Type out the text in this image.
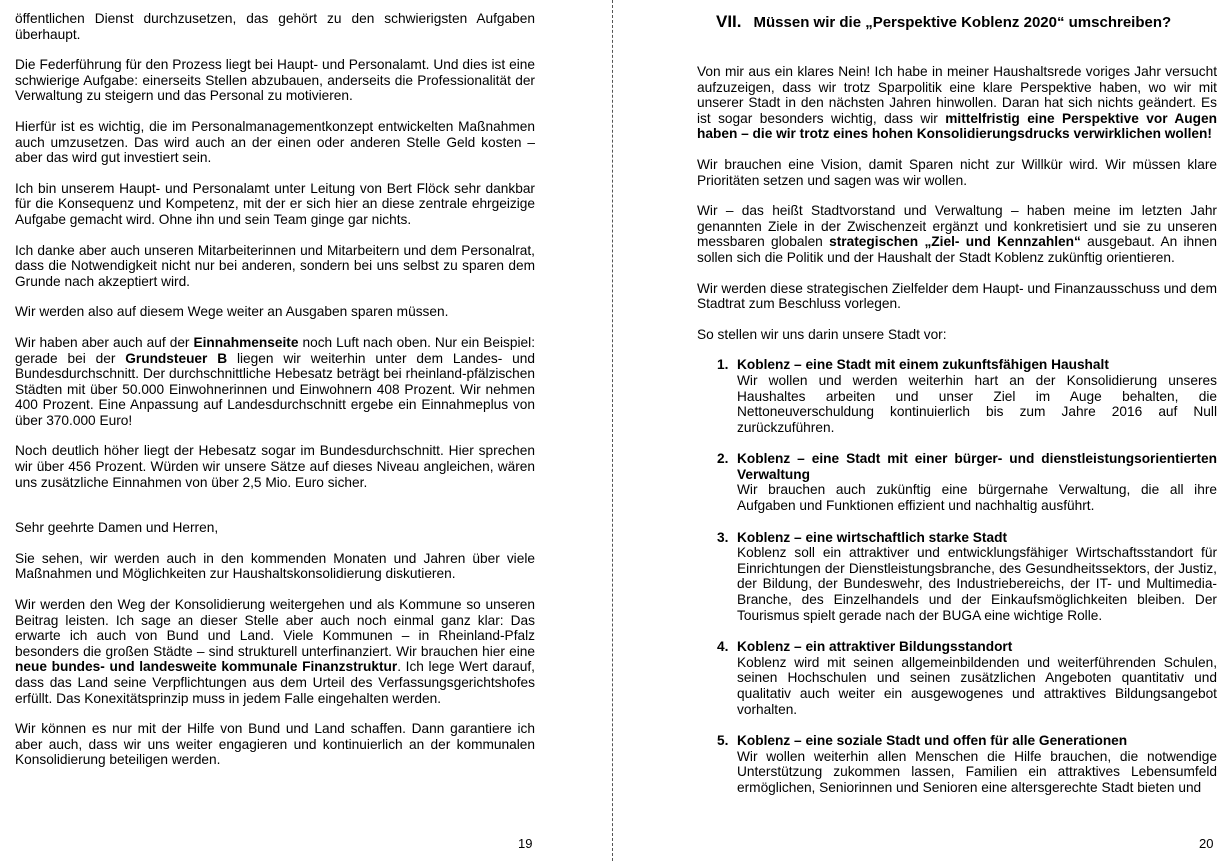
öffentlichen Dienst durchzusetzen, das gehört zu den schwierigsten Aufgaben überhaupt.

Die Federführung für den Prozess liegt bei Haupt- und Personalamt. Und dies ist eine schwierige Aufgabe: einerseits Stellen abzubauen, anderseits die Professionalität der Verwaltung zu steigern und das Personal zu motivieren.

Hierfür ist es wichtig, die im Personalmanagementkonzept entwickelten Maßnahmen auch umzusetzen. Das wird auch an der einen oder anderen Stelle Geld kosten – aber das wird gut investiert sein.

Ich bin unserem Haupt- und Personalamt unter Leitung von Bert Flöck sehr dankbar für die Konsequenz und Kompetenz, mit der er sich hier an diese zentrale ehrgeizige Aufgabe gemacht wird. Ohne ihn und sein Team ginge gar nichts.

Ich danke aber auch unseren Mitarbeiterinnen und Mitarbeitern und dem Personalrat, dass die Notwendigkeit nicht nur bei anderen, sondern bei uns selbst zu sparen dem Grunde nach akzeptiert wird.

Wir werden also auf diesem Wege weiter an Ausgaben sparen müssen.

Wir haben aber auch auf der Einnahmenseite noch Luft nach oben. Nur ein Beispiel: gerade bei der Grundsteuer B liegen wir weiterhin unter dem Landes- und Bundesdurchschnitt. Der durchschnittliche Hebesatz beträgt bei rheinland-pfälzischen Städten mit über 50.000 Einwohnerinnen und Einwohnern 408 Prozent. Wir nehmen 400 Prozent. Eine Anpassung auf Landesdurchschnitt ergebe ein Einnahmeplus von über 370.000 Euro!

Noch deutlich höher liegt der Hebesatz sogar im Bundesdurchschnitt. Hier sprechen wir über 456 Prozent. Würden wir unsere Sätze auf dieses Niveau angleichen, wären uns zusätzliche Einnahmen von über 2,5 Mio. Euro sicher.

Sehr geehrte Damen und Herren,

Sie sehen, wir werden auch in den kommenden Monaten und Jahren über viele Maßnahmen und Möglichkeiten zur Haushaltskonsolidierung diskutieren.

Wir werden den Weg der Konsolidierung weitergehen und als Kommune so unseren Beitrag leisten. Ich sage an dieser Stelle aber auch noch einmal ganz klar: Das erwarte ich auch von Bund und Land. Viele Kommunen – in Rheinland-Pfalz besonders die großen Städte – sind strukturell unterfinanziert. Wir brauchen hier eine neue bundes- und landesweite kommunale Finanzstruktur. Ich lege Wert darauf, dass das Land seine Verpflichtungen aus dem Urteil des Verfassungsgerichtshofes erfüllt. Das Konexitätsprinzip muss in jedem Falle eingehalten werden.

Wir können es nur mit der Hilfe von Bund und Land schaffen. Dann garantiere ich aber auch, dass wir uns weiter engagieren und kontinuierlich an der kommunalen Konsolidierung beteiligen werden.

19
VII. Müssen wir die „Perspektive Koblenz 2020“ umschreiben?

Von mir aus ein klares Nein! Ich habe in meiner Haushaltsrede voriges Jahr versucht aufzuzeigen, dass wir trotz Sparpolitik eine klare Perspektive haben, wo wir mit unserer Stadt in den nächsten Jahren hinwollen. Daran hat sich nichts geändert. Es ist sogar besonders wichtig, dass wir mittelfristig eine Perspektive vor Augen haben – die wir trotz eines hohen Konsolidierungsdrucks verwirklichen wollen!

Wir brauchen eine Vision, damit Sparen nicht zur Willkür wird. Wir müssen klare Prioritäten setzen und sagen was wir wollen.

Wir – das heißt Stadtvorstand und Verwaltung – haben meine im letzten Jahr genannten Ziele in der Zwischenzeit ergänzt und konkretisiert und sie zu unseren messbaren globalen strategischen „Ziel- und Kennzahlen“ ausgebaut. An ihnen sollen sich die Politik und der Haushalt der Stadt Koblenz zukünftig orientieren.

Wir werden diese strategischen Zielfelder dem Haupt- und Finanzausschuss und dem Stadtrat zum Beschluss vorlegen.

So stellen wir uns darin unsere Stadt vor:

1. Koblenz – eine Stadt mit einem zukunftsfähigen Haushalt
Wir wollen und werden weiterhin hart an der Konsolidierung unseres Haushaltes arbeiten und unser Ziel im Auge behalten, die Nettoneuverschuldung kontinuierlich bis zum Jahre 2016 auf Null zurückzuführen.
2. Koblenz – eine Stadt mit einer bürger- und dienstleistungsorientierten Verwaltung
Wir brauchen auch zukünftig eine bürgernahe Verwaltung, die all ihre Aufgaben und Funktionen effizient und nachhaltig ausführt.
3. Koblenz – eine wirtschaftlich starke Stadt
Koblenz soll ein attraktiver und entwicklungsfähiger Wirtschaftsstandort für Einrichtungen der Dienstleistungsbranche, des Gesundheitssektors, der Justiz, der Bildung, der Bundeswehr, des Industriebereichs, der IT- und Multimedia-Branche, des Einzelhandels und der Einkaufsmöglichkeiten bleiben. Der Tourismus spielt gerade nach der BUGA eine wichtige Rolle.
4. Koblenz – ein attraktiver Bildungsstandort
Koblenz wird mit seinen allgemeinbildenden und weiterführenden Schulen, seinen Hochschulen und seinen zusätzlichen Angeboten quantitativ und qualitativ auch weiter ein ausgewogenes und attraktives Bildungsangebot vorhalten.
5. Koblenz – eine soziale Stadt und offen für alle Generationen
Wir wollen weiterhin allen Menschen die Hilfe brauchen, die notwendige Unterstützung zukommen lassen, Familien ein attraktives Lebensumfeld ermöglichen, Seniorinnen und Senioren eine altersgerechte Stadt bieten und
20
